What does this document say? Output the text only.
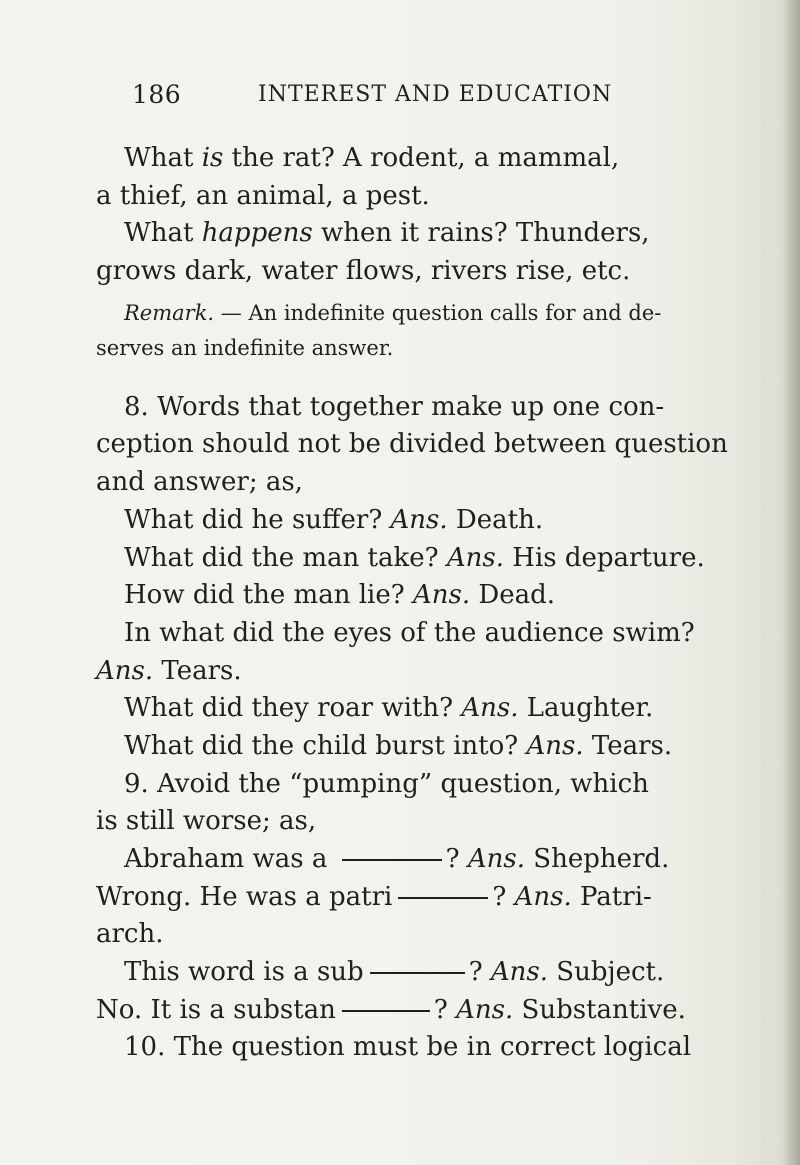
186	INTEREST AND EDUCATION

What is the rat? A rodent, a mammal,

a thief, an animal, a pest.

What happens when it rains? Thunders,

grows dark, water flows, rivers rise, etc.

Remark. — An indefinite question calls for and de-

serves an indefinite answer.

8. Words that together make up one con-

ception should not be divided between question

and answer; as,

What did he suffer? Ans. Death.

What did the man take? Ans. His departure.

How did the man lie? Ans. Dead.

In what did the eyes of the audience swim?

Ans. Tears.

What did they roar with? Ans. Laughter.

What did the child burst into? Ans. Tears.

9. Avoid the “pumping” question, which

is still worse; as,

Abraham was a	? Ans. Shepherd.

Wrong. He was a patri	? Ans. Patri-

arch.

This word is a sub	? Ans. Subject.

No. It is a substan	? Ans. Substantive.

10. The question must be in correct logical
